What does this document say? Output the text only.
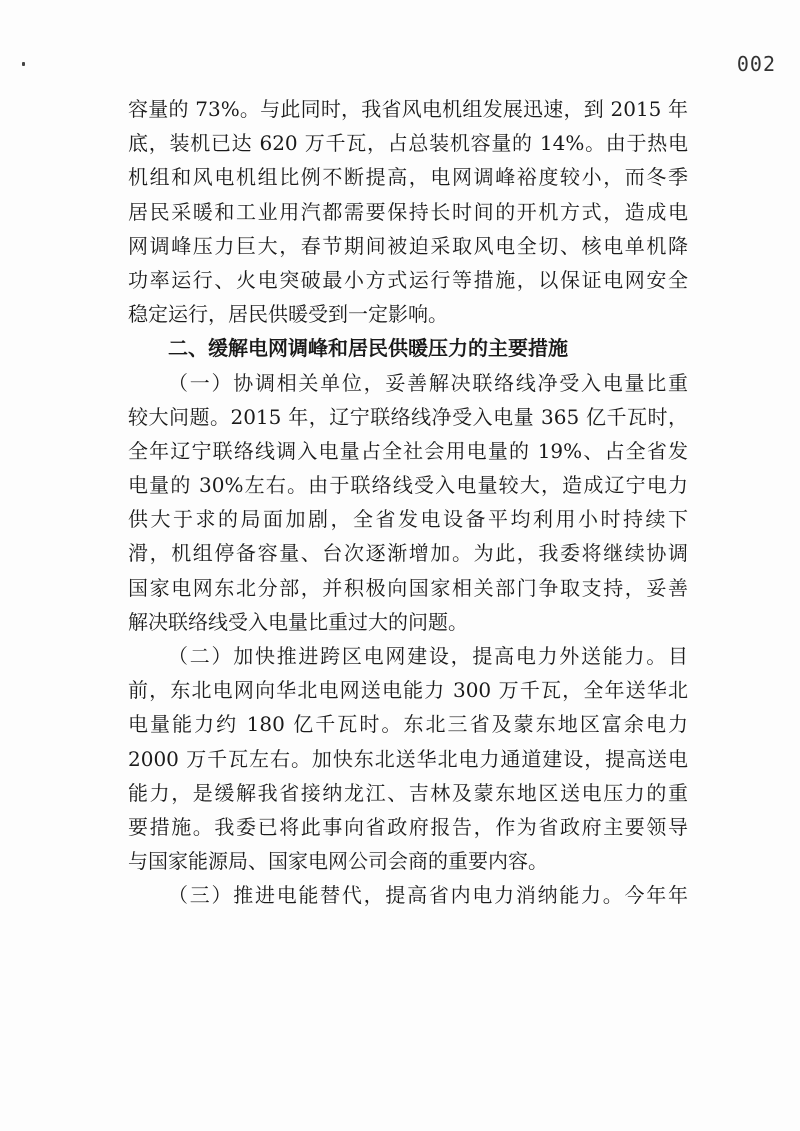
002
容量的 73%。与此同时，我省风电机组发展迅速，到 2015 年
底，装机已达 620 万千瓦，占总装机容量的 14%。由于热电
机组和风电机组比例不断提高，电网调峰裕度较小，而冬季
居民采暖和工业用汽都需要保持长时间的开机方式，造成电
网调峰压力巨大，春节期间被迫采取风电全切、核电单机降
功率运行、火电突破最小方式运行等措施，以保证电网安全
稳定运行，居民供暖受到一定影响。
二、缓解电网调峰和居民供暖压力的主要措施
（一）协调相关单位，妥善解决联络线净受入电量比重
较大问题。2015 年，辽宁联络线净受入电量 365 亿千瓦时，
全年辽宁联络线调入电量占全社会用电量的 19%、占全省发
电量的 30%左右。由于联络线受入电量较大，造成辽宁电力
供大于求的局面加剧，全省发电设备平均利用小时持续下
滑，机组停备容量、台次逐渐增加。为此，我委将继续协调
国家电网东北分部，并积极向国家相关部门争取支持，妥善
解决联络线受入电量比重过大的问题。
（二）加快推进跨区电网建设，提高电力外送能力。目
前，东北电网向华北电网送电能力 300 万千瓦，全年送华北
电量能力约 180 亿千瓦时。东北三省及蒙东地区富余电力
2000 万千瓦左右。加快东北送华北电力通道建设，提高送电
能力，是缓解我省接纳龙江、吉林及蒙东地区送电压力的重
要措施。我委已将此事向省政府报告，作为省政府主要领导
与国家能源局、国家电网公司会商的重要内容。
（三）推进电能替代，提高省内电力消纳能力。今年年
